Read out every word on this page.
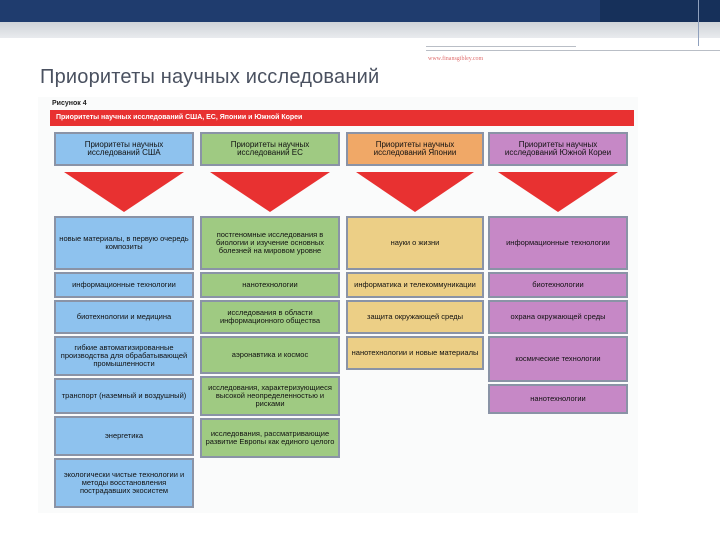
www.finansgibley.com
Приоритеты научных исследований
Рисунок 4
Приоритеты научных исследований США, ЕС, Японии и Южной Кореи
Приоритеты научных исследований США
Приоритеты научных исследований ЕС
Приоритеты научных исследований Японии
Приоритеты научных исследований Южной Кореи
новые материалы, в первую очередь композиты
информационные технологии
биотехнологии и медицина
гибкие автоматизированные производства для обрабатывающей промышленности
транспорт (наземный и воздушный)
энергетика
экологически чистые технологии и методы восстановления пострадавших экосистем
постгеномные исследования в биологии и изучение основных болезней на мировом уровне
нанотехнологии
исследования в области информационного общества
аэронавтика и космос
исследования, характеризующиеся высокой неопределенностью и рисками
исследования, рассматривающие развитие Европы как единого целого
науки о жизни
информатика и телекоммуникации
защита окружающей среды
нанотехнологии и новые материалы
информационные технологии
биотехнологии
охрана окружающей среды
космические технологии
нанотехнологии
